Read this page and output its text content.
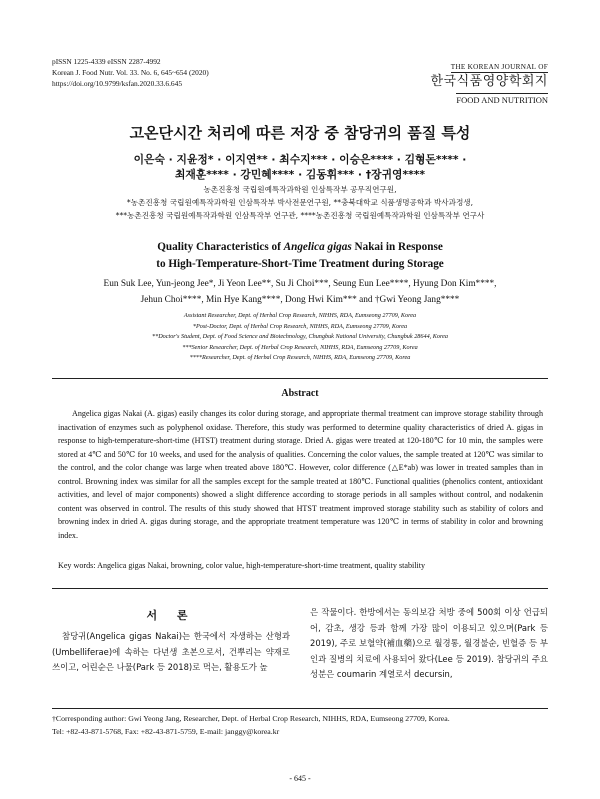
pISSN 1225-4339 eISSN 2287-4992
Korean J. Food Nutr. Vol. 33. No. 6, 645~654 (2020)
https://doi.org/10.9799/ksfan.2020.33.6.645
THE KOREAN JOURNAL OF
한국식품영양학회지
FOOD AND NUTRITION
고온단시간 처리에 따른 저장 중 참당귀의 품질 특성
이은숙 · 지윤정* · 이지연** · 최수지*** · 이승은**** · 김형돈**** ·
최재훈**** · 강민혜**** · 김동휘*** · †장귀영****
농촌진흥청 국립원예특작과학원 인삼특작부 공무직연구원,
*농촌진흥청 국립원예특작과학원 인삼특작부 박사전문연구원, **충북대학교 식품생명공학과 박사과정생,
***농촌진흥청 국립원예특작과학원 인삼특작부 연구관, ****농촌진흥청 국립원예특작과학원 인삼특작부 연구사
Quality Characteristics of Angelica gigas Nakai in Response
to High-Temperature-Short-Time Treatment during Storage
Eun Suk Lee, Yun-jeong Jee*, Ji Yeon Lee**, Su Ji Choi***, Seung Eun Lee****, Hyung Don Kim****,
Jehun Choi****, Min Hye Kang****, Dong Hwi Kim*** and †Gwi Yeong Jang****
Assistant Researcher, Dept. of Herbal Crop Research, NIHHS, RDA, Eumseong 27709, Korea
*Post-Doctor, Dept. of Herbal Crop Research, NIHHS, RDA, Eumseong 27709, Korea
**Doctor's Student, Dept. of Food Science and Biotechnology, Chungbuk National University, Chungbuk 28644, Korea
***Senior Researcher, Dept. of Herbal Crop Research, NIHHS, RDA, Eumseong 27709, Korea
****Researcher, Dept. of Herbal Crop Research, NIHHS, RDA, Eumseong 27709, Korea
Abstract
Angelica gigas Nakai (A. gigas) easily changes its color during storage, and appropriate thermal treatment can improve storage stability through inactivation of enzymes such as polyphenol oxidase. Therefore, this study was performed to determine quality characteristics of dried A. gigas in response to high-temperature-short-time (HTST) treatment during storage. Dried A. gigas were treated at 120-180℃ for 10 min, the samples were stored at 4℃ and 50℃ for 10 weeks, and used for the analysis of qualities. Concerning the color values, the sample treated at 120℃ was similar to the control, and the color change was large when treated above 180℃. However, color difference (△E*ab) was lower in treated samples than in control. Browning index was similar for all the samples except for the sample treated at 180℃. Functional qualities (phenolics content, antioxidant activities, and level of major components) showed a slight difference according to storage periods in all samples without control, and nodakenin content was observed in control. The results of this study showed that HTST treatment improved storage stability such as stability of colors and browning index in dried A. gigas during storage, and the appropriate treatment temperature was 120℃ in terms of stability in color and browning index.
Key words: Angelica gigas Nakai, browning, color value, high-temperature-short-time treatment, quality stability
서 론
참당귀(Angelica gigas Nakai)는 한국에서 자생하는 산형과(Umbelliferae)에 속하는 다년생 초본으로서, 건뿌리는 약재로 쓰이고, 어린순은 나물(Park 등 2018)로 먹는, 활용도가 높
은 작물이다. 한방에서는 동의보감 처방 중에 500회 이상 언급되어, 감초, 생강 등과 함께 가장 많이 이용되고 있으며(Park 등 2019), 주로 보혈약(補血藥)으로 월경통, 월경불순, 빈혈증 등 부인과 질병의 치료에 사용되어 왔다(Lee 등 2019). 참당귀의 주요성분은 coumarin 계열로서 decursin,
†Corresponding author: Gwi Yeong Jang, Researcher, Dept. of Herbal Crop Research, NIHHS, RDA, Eumseong 27709, Korea.
Tel: +82-43-871-5768, Fax: +82-43-871-5759, E-mail: janggy@korea.kr
- 645 -
